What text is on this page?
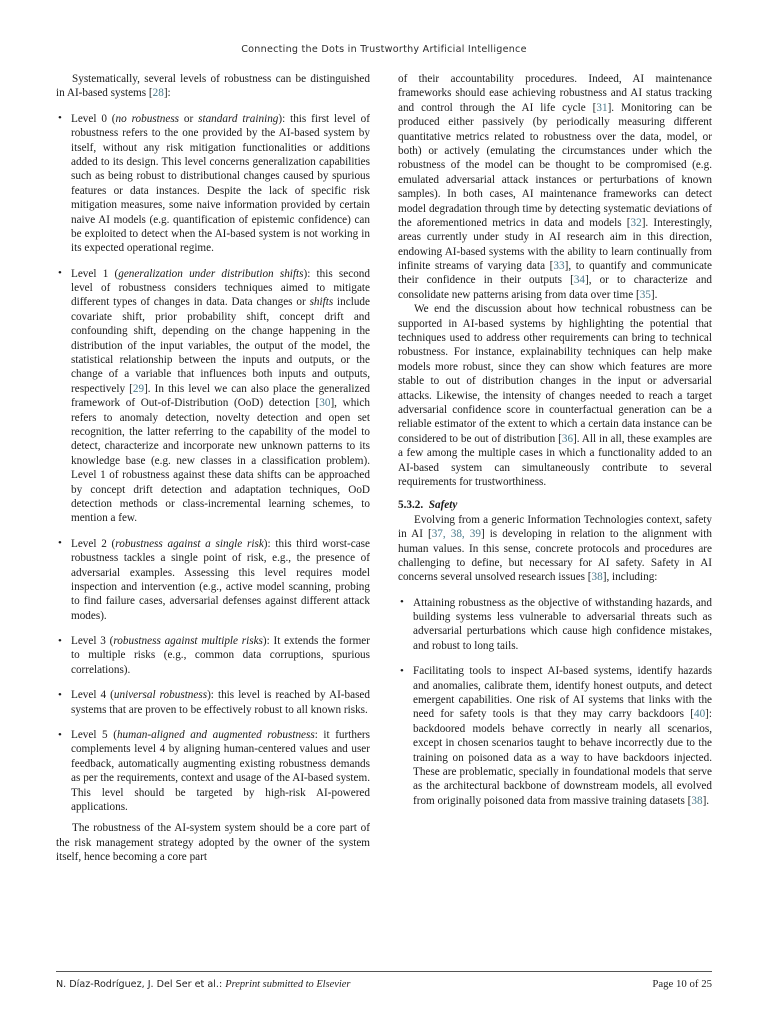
Connecting the Dots in Trustworthy Artificial Intelligence

Systematically, several levels of robustness can be distinguished in AI-based systems [28]:

• Level 0 (no robustness or standard training): this first level of robustness refers to the one provided by the AI-based system by itself, without any risk mitigation functionalities or additions added to its design. This level concerns generalization capabilities such as being robust to distributional changes caused by spurious features or data instances. Despite the lack of specific risk mitigation measures, some naive information provided by certain naive AI models (e.g. quantification of epistemic confidence) can be exploited to detect when the AI-based system is not working in its expected operational regime.
• Level 1 (generalization under distribution shifts): this second level of robustness considers techniques aimed to mitigate different types of changes in data. Data changes or shifts include covariate shift, prior probability shift, concept drift and confounding shift, depending on the change happening in the distribution of the input variables, the output of the model, the statistical relationship between the inputs and outputs, or the change of a variable that influences both inputs and outputs, respectively [29]. In this level we can also place the generalized framework of Out-of-Distribution (OoD) detection [30], which refers to anomaly detection, novelty detection and open set recognition, the latter referring to the capability of the model to detect, characterize and incorporate new unknown patterns to its knowledge base (e.g. new classes in a classification problem). Level 1 of robustness against these data shifts can be approached by concept drift detection and adaptation techniques, OoD detection methods or class-incremental learning schemes, to mention a few.
• Level 2 (robustness against a single risk): this third worst-case robustness tackles a single point of risk, e.g., the presence of adversarial examples. Assessing this level requires model inspection and intervention (e.g., active model scanning, probing to find failure cases, adversarial defenses against different attack modes).
• Level 3 (robustness against multiple risks): It extends the former to multiple risks (e.g., common data corruptions, spurious correlations).
• Level 4 (universal robustness): this level is reached by AI-based systems that are proven to be effectively robust to all known risks.
• Level 5 (human-aligned and augmented robustness: it furthers complements level 4 by aligning human-centered values and user feedback, automatically augmenting existing robustness demands as per the requirements, context and usage of the AI-based system. This level should be targeted by high-risk AI-powered applications.

The robustness of the AI-system system should be a core part of the risk management strategy adopted by the owner of the system itself, hence becoming a core part

of their accountability procedures. Indeed, AI maintenance frameworks should ease achieving robustness and AI status tracking and control through the AI life cycle [31]. Monitoring can be produced either passively (by periodically measuring different quantitative metrics related to robustness over the data, model, or both) or actively (emulating the circumstances under which the robustness of the model can be thought to be compromised (e.g. emulated adversarial attack instances or perturbations of known samples). In both cases, AI maintenance frameworks can detect model degradation through time by detecting systematic deviations of the aforementioned metrics in data and models [32]. Interestingly, areas currently under study in AI research aim in this direction, endowing AI-based systems with the ability to learn continually from infinite streams of varying data [33], to quantify and communicate their confidence in their outputs [34], or to characterize and consolidate new patterns arising from data over time [35].

We end the discussion about how technical robustness can be supported in AI-based systems by highlighting the potential that techniques used to address other requirements can bring to technical robustness. For instance, explainability techniques can help make models more robust, since they can show which features are more stable to out of distribution changes in the input or adversarial attacks. Likewise, the intensity of changes needed to reach a target adversarial confidence score in counterfactual generation can be a reliable estimator of the extent to which a certain data instance can be considered to be out of distribution [36]. All in all, these examples are a few among the multiple cases in which a functionality added to an AI-based system can simultaneously contribute to several requirements for trustworthiness.

5.3.2. Safety

Evolving from a generic Information Technologies context, safety in AI [37, 38, 39] is developing in relation to the alignment with human values. In this sense, concrete protocols and procedures are challenging to define, but necessary for AI safety. Safety in AI concerns several unsolved research issues [38], including:

• Attaining robustness as the objective of withstanding hazards, and building systems less vulnerable to adversarial threats such as adversarial perturbations which cause high confidence mistakes, and robust to long tails.
• Facilitating tools to inspect AI-based systems, identify hazards and anomalies, calibrate them, identify honest outputs, and detect emergent capabilities. One risk of AI systems that links with the need for safety tools is that they may carry backdoors [40]: backdoored models behave correctly in nearly all scenarios, except in chosen scenarios taught to behave incorrectly due to the training on poisoned data as a way to have backdoors injected. These are problematic, specially in foundational models that serve as the architectural backbone of downstream models, all evolved from originally poisoned data from massive training datasets [38].
N. Díaz-Rodríguez, J. Del Ser et al.: Preprint submitted to Elsevier	Page 10 of 25
